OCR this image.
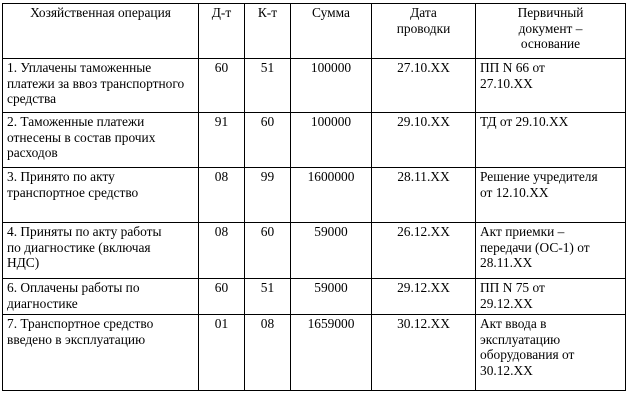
Хозяйственная операция	Д-т	К-т	Сумма	Дата проводки	Первичный документ – основание
1. Уплачены таможенные платежи за ввоз транспортного средства	60	51	100000	27.10.ХХ	ПП N 66 от 27.10.ХХ
2. Таможенные платежи отнесены в состав прочих расходов	91	60	100000	29.10.ХХ	ТД от 29.10.ХХ
3. Принято по акту транспортное средство	08	99	1600000	28.11.ХХ	Решение учредителя от 12.10.ХХ
4. Приняты по акту работы по диагностике (включая НДС)	08	60	59000	26.12.ХХ	Акт приемки – передачи (ОС-1) от 28.11.ХХ
6. Оплачены работы по диагностике	60	51	59000	29.12.ХХ	ПП N 75 от 29.12.ХХ
7. Транспортное средство введено в эксплуатацию	01	08	1659000	30.12.ХХ	Акт ввода в эксплуатацию оборудования от 30.12.ХХ
